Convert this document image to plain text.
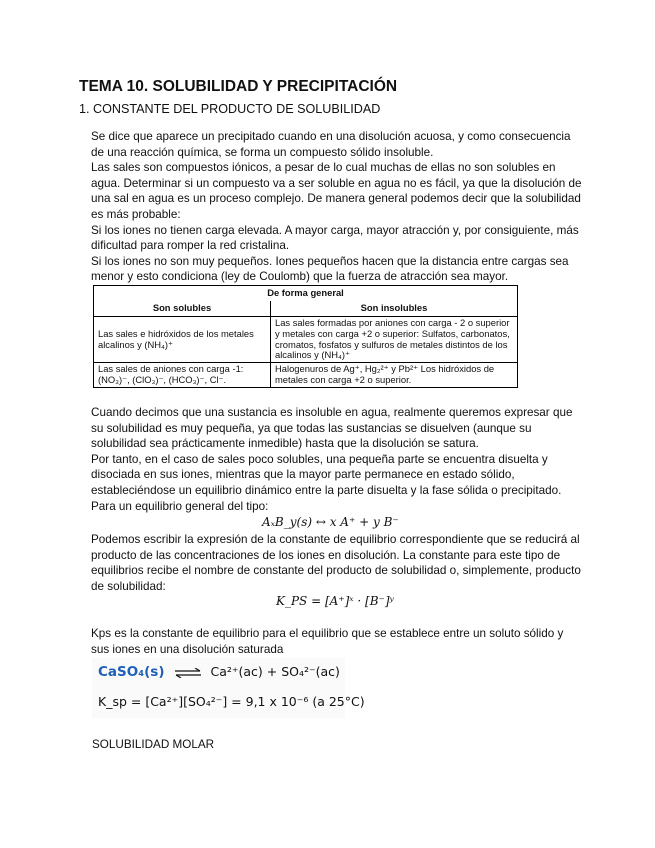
TEMA 10. SOLUBILIDAD Y PRECIPITACIÓN
1. CONSTANTE DEL PRODUCTO DE SOLUBILIDAD

Se dice que aparece un precipitado cuando en una disolución acuosa, y como consecuencia de una reacción química, se forma un compuesto sólido insoluble.

Las sales son compuestos iónicos, a pesar de lo cual muchas de ellas no son solubles en agua. Determinar si un compuesto va a ser soluble en agua no es fácil, ya que la disolución de una sal en agua es un proceso complejo. De manera general podemos decir que la solubilidad es más probable:

Si los iones no tienen carga elevada. A mayor carga, mayor atracción y, por consiguiente, más dificultad para romper la red cristalina.

Si los iones no son muy pequeños. Iones pequeños hacen que la distancia entre cargas sea menor y esto condiciona (ley de Coulomb) que la fuerza de atracción sea mayor.

De forma general	
Son solubles	Son insolubles
Las sales e hidróxidos de los metales alcalinos y (NH₄)⁺	Las sales formadas por aniones con carga - 2 o superior y metales con carga +2 o superior: Sulfatos, carbonatos, cromatos, fosfatos y sulfuros de metales distintos de los alcalinos y (NH₄)⁺
Las sales de aniones con carga -1: (NO₃)⁻, (ClO₃)⁻, (HCO₃)⁻, Cl⁻.	Halogenuros de Ag⁺, Hg₂²⁺ y Pb²⁺ Los hidróxidos de metales con carga +2 o superior.

Cuando decimos que una sustancia es insoluble en agua, realmente queremos expresar que su solubilidad es muy pequeña, ya que todas las sustancias se disuelven (aunque su solubilidad sea prácticamente inmedible) hasta que la disolución se satura.

Por tanto, en el caso de sales poco solubles, una pequeña parte se encuentra disuelta y disociada en sus iones, mientras que la mayor parte permanece en estado sólido, estableciéndose un equilibrio dinámico entre la parte disuelta y la fase sólida o precipitado.

Para un equilibrio general del tipo:

AₓB_y(s) ↔ x A⁺ + y B⁻

Podemos escribir la expresión de la constante de equilibrio correspondiente que se reducirá al producto de las concentraciones de los iones en disolución. La constante para este tipo de equilibrios recibe el nombre de constante del producto de solubilidad o, simplemente, producto de solubilidad:

K_PS = [A⁺]ˣ · [B⁻]ʸ

Kps es la constante de equilibrio para el equilibrio que se establece entre un soluto sólido y sus iones en una disolución saturada

CaSO₄(s) ⇌ Ca²⁺(ac) + SO₄²⁻(ac)
K_sp = [Ca²⁺][SO₄²⁻] = 9,1 x 10⁻⁶ (a 25°C)
SOLUBILIDAD MOLAR
